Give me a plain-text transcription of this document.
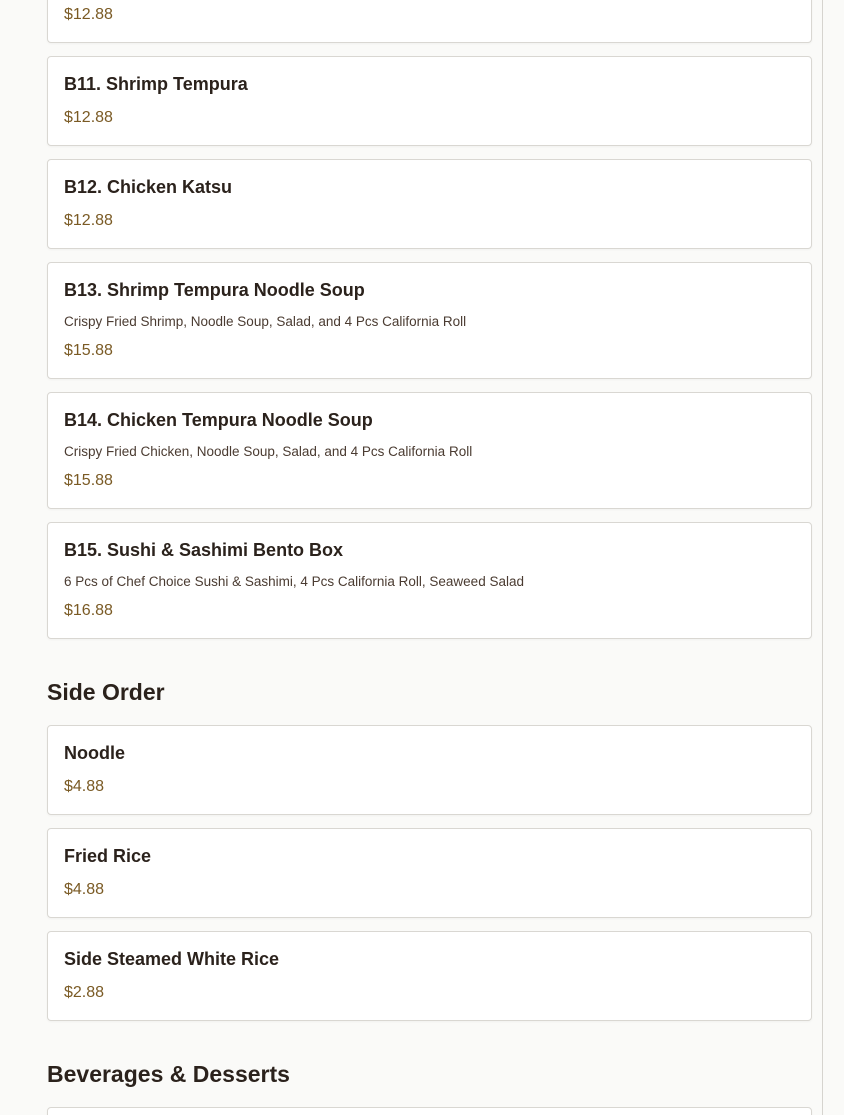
$12.88
B11. Shrimp Tempura
$12.88
B12. Chicken Katsu
$12.88
B13. Shrimp Tempura Noodle Soup
Crispy Fried Shrimp, Noodle Soup, Salad, and 4 Pcs California Roll
$15.88
B14. Chicken Tempura Noodle Soup
Crispy Fried Chicken, Noodle Soup, Salad, and 4 Pcs California Roll
$15.88
B15. Sushi & Sashimi Bento Box
6 Pcs of Chef Choice Sushi & Sashimi, 4 Pcs California Roll, Seaweed Salad
$16.88
Side Order
Noodle
$4.88
Fried Rice
$4.88
Side Steamed White Rice
$2.88
Beverages & Desserts
